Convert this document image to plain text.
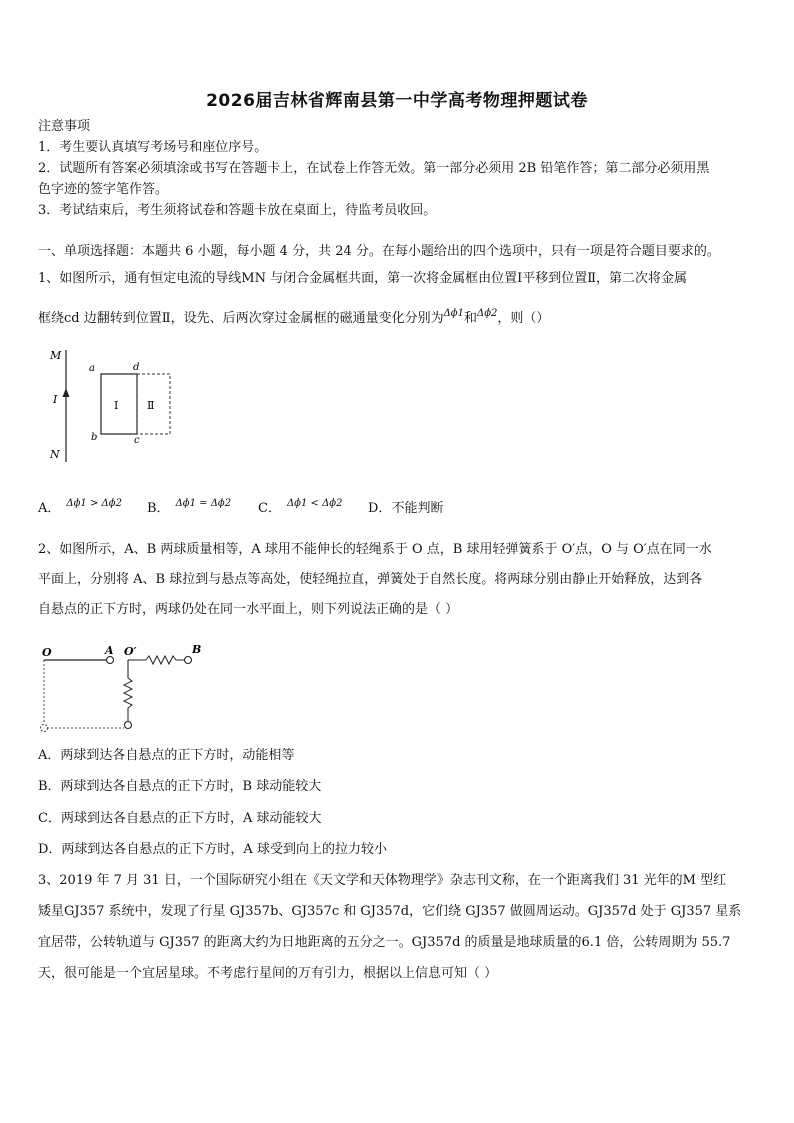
2026届吉林省辉南县第一中学高考物理押题试卷
注意事项
1．考生要认真填写考场号和座位序号。
2．试题所有答案必须填涂或书写在答题卡上，在试卷上作答无效。第一部分必须用 2B 铅笔作答；第二部分必须用黑
色字迹的签字笔作答。
3．考试结束后，考生须将试卷和答题卡放在桌面上，待监考员收回。
一、单项选择题：本题共 6 小题，每小题 4 分，共 24 分。在每小题给出的四个选项中，只有一项是符合题目要求的。
1、如图所示，通有恒定电流的导线MN 与闭合金属框共面，第一次将金属框由位置Ⅰ平移到位置Ⅱ，第二次将金属
框绕cd 边翻转到位置Ⅱ，设先、后两次穿过金属框的磁通量变化分别为$^{\Delta\phi 1}$和$^{\Delta\phi 2}$，则（）
M
I
N
a	d
b	c
Ⅰ	Ⅱ
A． $^{\Delta\phi 1 > \Delta\phi 2}$ B． $^{\Delta\phi 1 = \Delta\phi 2}$ C． $^{\Delta\phi 1 < \Delta\phi 2}$ D．不能判断
2、如图所示，A、B 两球质量相等，A 球用不能伸长的轻绳系于 O 点，B 球用轻弹簧系于 O′点，O 与 O′点在同一水
平面上，分别将 A、B 球拉到与悬点等高处，使轻绳拉直，弹簧处于自然长度。将两球分别由静止开始释放，达到各
自悬点的正下方时，两球仍处在同一水平面上，则下列说法正确的是（ ）
O	A O′	B
A．两球到达各自悬点的正下方时，动能相等
B．两球到达各自悬点的正下方时，B 球动能较大
C．两球到达各自悬点的正下方时，A 球动能较大
D．两球到达各自悬点的正下方时，A 球受到向上的拉力较小
3、2019 年 7 月 31 日，一个国际研究小组在《天文学和天体物理学》杂志刊文称，在一个距离我们 31 光年的M 型红
矮星GJ357 系统中，发现了行星 GJ357b、GJ357c 和 GJ357d，它们绕 GJ357 做圆周运动。GJ357d 处于 GJ357 星系
宜居带，公转轨道与 GJ357 的距离大约为日地距离的五分之一。GJ357d 的质量是地球质量的6.1 倍，公转周期为 55.7
天，很可能是一个宜居星球。不考虑行星间的万有引力，根据以上信息可知（ ）
